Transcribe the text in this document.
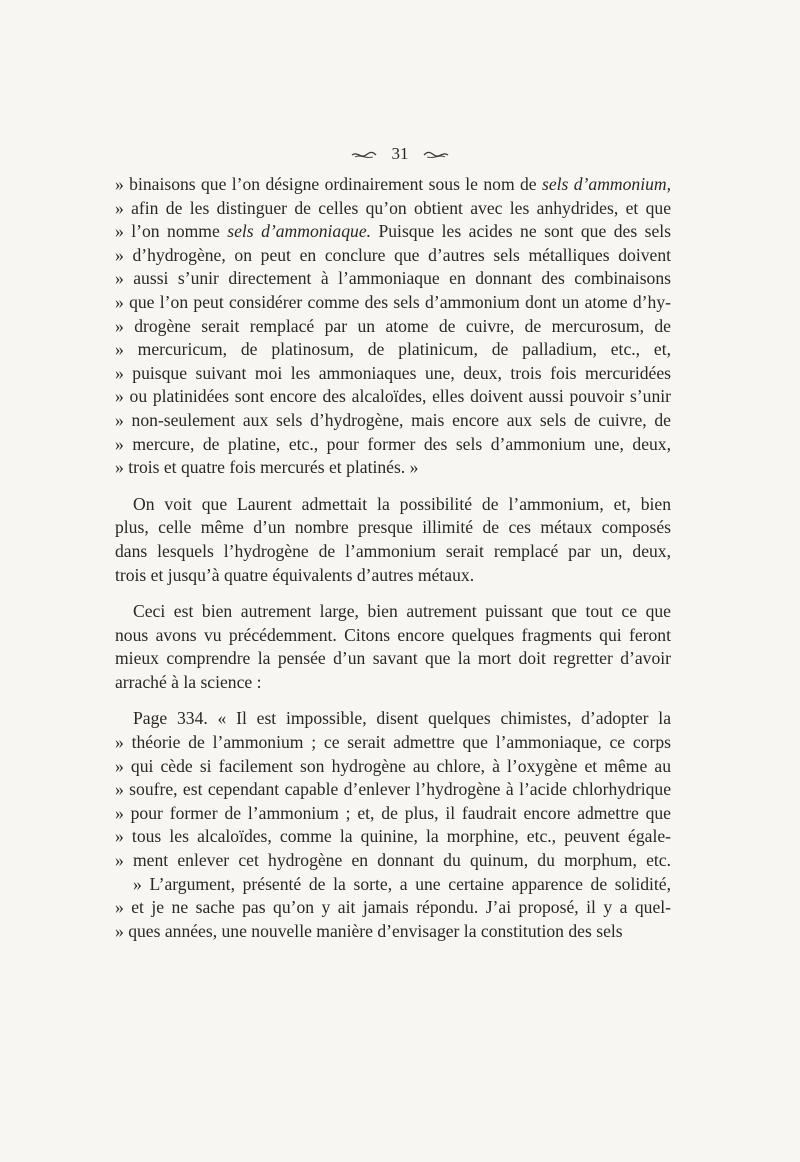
31
» binaisons que l’on désigne ordinairement sous le nom de sels d’ammonium,
» afin de les distinguer de celles qu’on obtient avec les anhydrides, et que
» l’on nomme sels d’ammoniaque. Puisque les acides ne sont que des sels
» d’hydrogène, on peut en conclure que d’autres sels métalliques doivent
» aussi s’unir directement à l’ammoniaque en donnant des combinaisons
» que l’on peut considérer comme des sels d’ammonium dont un atome d’hy-
» drogène serait remplacé par un atome de cuivre, de mercurosum, de
» mercuricum, de platinosum, de platinicum, de palladium, etc., et,
» puisque suivant moi les ammoniaques une, deux, trois fois mercuridées
» ou platinidées sont encore des alcaloïdes, elles doivent aussi pouvoir s’unir
» non-seulement aux sels d’hydrogène, mais encore aux sels de cuivre, de
» mercure, de platine, etc., pour former des sels d’ammonium une, deux,
» trois et quatre fois mercurés et platinés. »
On voit que Laurent admettait la possibilité de l’ammonium, et, bien
plus, celle même d’un nombre presque illimité de ces métaux composés
dans lesquels l’hydrogène de l’ammonium serait remplacé par un, deux,
trois et jusqu’à quatre équivalents d’autres métaux.
Ceci est bien autrement large, bien autrement puissant que tout ce que
nous avons vu précédemment. Citons encore quelques fragments qui feront
mieux comprendre la pensée d’un savant que la mort doit regretter d’avoir
arraché à la science :
Page 334. « Il est impossible, disent quelques chimistes, d’adopter la
» théorie de l’ammonium ; ce serait admettre que l’ammoniaque, ce corps
» qui cède si facilement son hydrogène au chlore, à l’oxygène et même au
» soufre, est cependant capable d’enlever l’hydrogène à l’acide chlorhydrique
» pour former de l’ammonium ; et, de plus, il faudrait encore admettre que
» tous les alcaloïdes, comme la quinine, la morphine, etc., peuvent égale-
» ment enlever cet hydrogène en donnant du quinum, du morphum, etc.
» L’argument, présenté de la sorte, a une certaine apparence de solidité,
» et je ne sache pas qu’on y ait jamais répondu. J’ai proposé, il y a quel-
» ques années, une nouvelle manière d’envisager la constitution des sels
